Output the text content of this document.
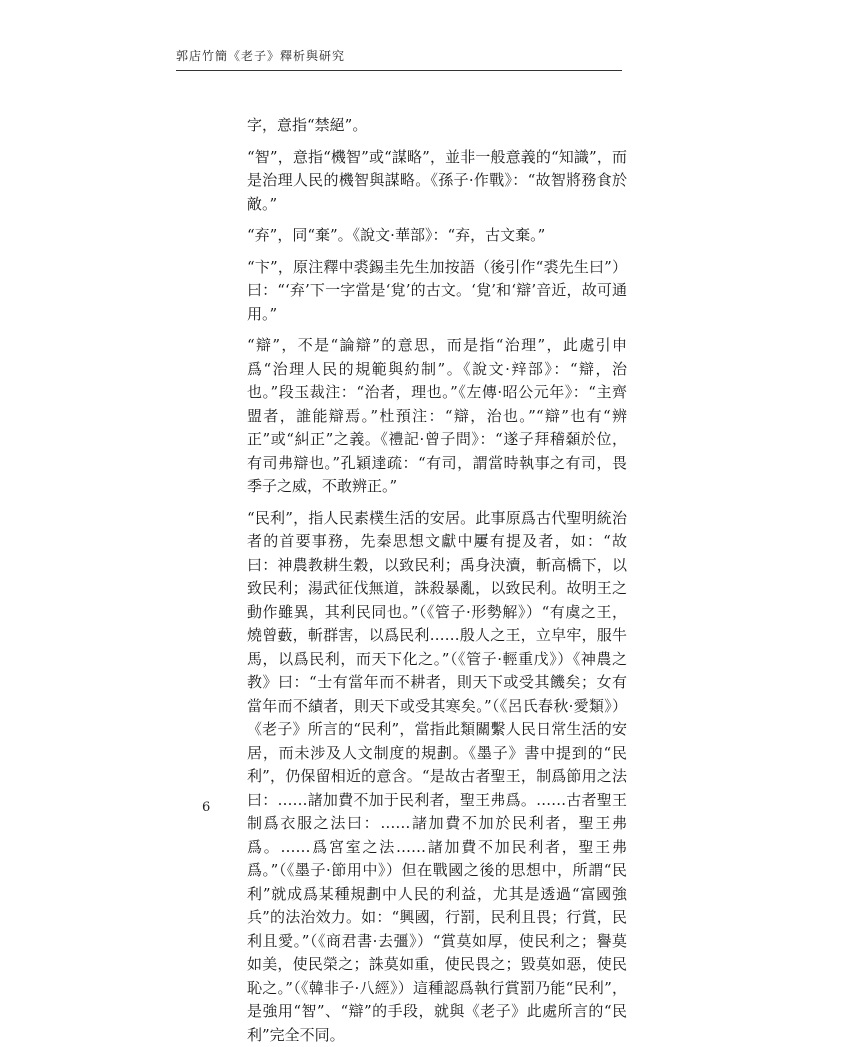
郭店竹簡《老子》釋析與研究

字，意指“禁絕”。

“智”，意指“機智”或“謀略”，並非一般意義的“知識”，而是治理人民的機智與謀略。《孫子·作戰》：“故智將務食於敵。”

“弃”，同“棄”。《說文·華部》：“弃，古文棄。”

“卞”，原注釋中裘錫圭先生加按語（後引作“裘先生曰”）曰：“‘弃’下一字當是‘覍’的古文。‘覍’和‘辯’音近，故可通用。”

“辯”，不是“論辯”的意思，而是指“治理”，此處引申爲“治理人民的規範與約制”。《說文·辡部》：“辯，治也。”段玉裁注：“治者，理也。”《左傳·昭公元年》：“主齊盟者，誰能辯焉。”杜預注：“辯，治也。”“辯”也有“辨正”或“糾正”之義。《禮記·曾子問》：“遂子拜稽顙於位，有司弗辯也。”孔穎達疏：“有司，謂當時執事之有司，畏季子之威，不敢辨正。”

“民利”，指人民素樸生活的安居。此事原爲古代聖明統治者的首要事務，先秦思想文獻中屢有提及者，如：“故曰：神農教耕生穀，以致民利；禹身決瀆，斬高橋下，以致民利；湯武征伐無道，誅殺暴亂，以致民利。故明王之動作雖異，其利民同也。”（《管子·形勢解》）“有虞之王，燒曾藪，斬群害，以爲民利……殷人之王，立皁牢，服牛馬，以爲民利，而天下化之。”（《管子·輕重戊》）《神農之教》曰：“士有當年而不耕者，則天下或受其饑矣；女有當年而不績者，則天下或受其寒矣。”（《呂氏春秋·愛類》）《老子》所言的“民利”，當指此類關繫人民日常生活的安居，而未涉及人文制度的規劃。《墨子》書中提到的“民利”，仍保留相近的意含。“是故古者聖王，制爲節用之法曰：……諸加費不加于民利者，聖王弗爲。……古者聖王制爲衣服之法曰：……諸加費不加於民利者，聖王弗爲。……爲宮室之法……諸加費不加民利者，聖王弗爲。”（《墨子·節用中》）但在戰國之後的思想中，所謂“民利”就成爲某種規劃中人民的利益，尤其是透過“富國強兵”的法治效力。如：“興國，行罰，民利且畏；行賞，民利且愛。”（《商君書·去彊》）“賞莫如厚，使民利之；譽莫如美，使民榮之；誅莫如重，使民畏之；毀莫如惡，使民恥之。”（《韓非子·八經》）這種認爲執行賞罰乃能“民利”，是強用“智”、“辯”的手段，就與《老子》此處所言的“民利”完全不同。

6
